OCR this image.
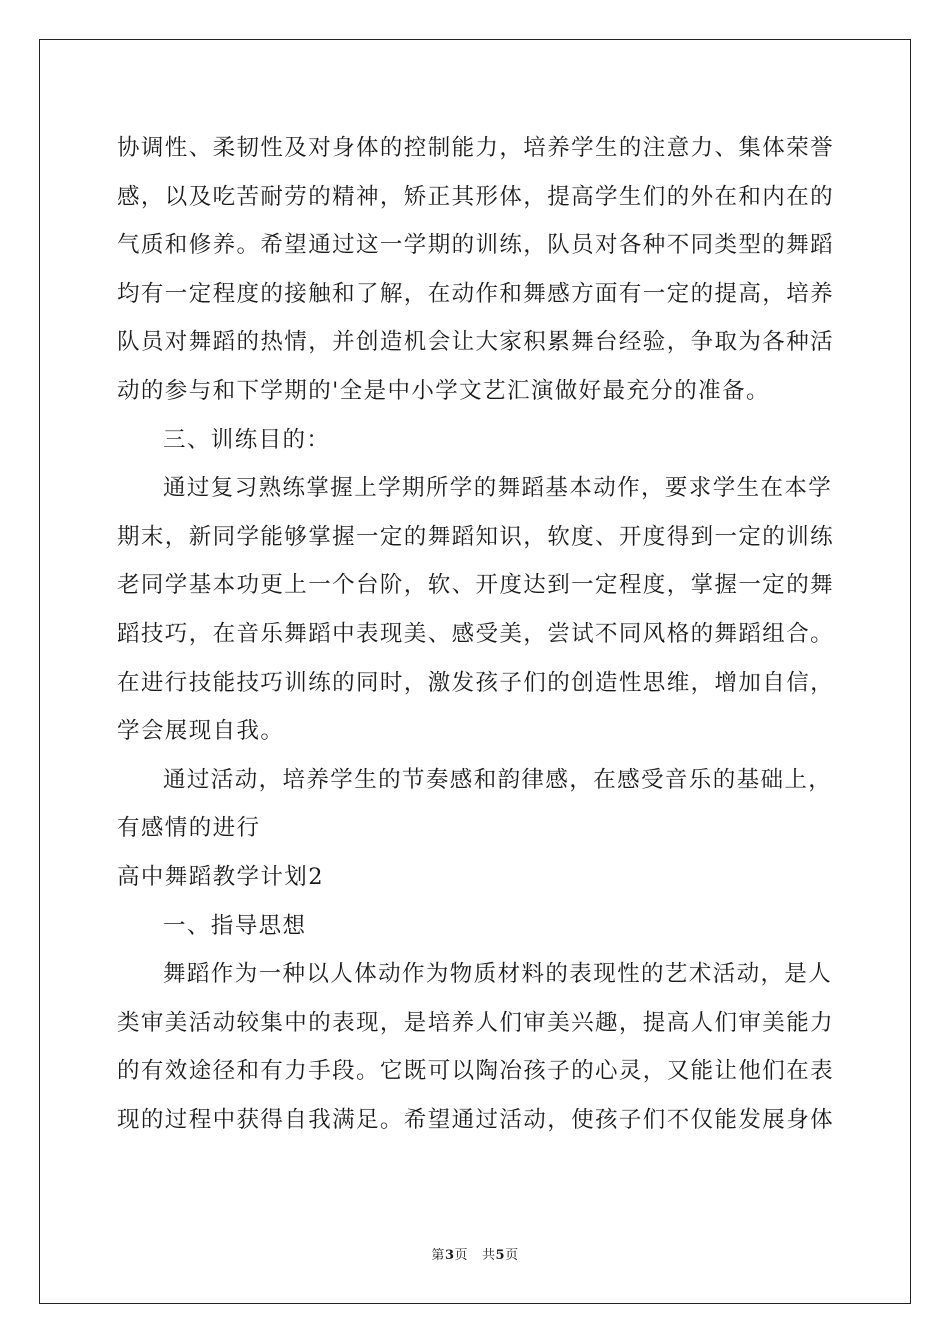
协调性、柔韧性及对身体的控制能力，培养学生的注意力、集体荣誉
感，以及吃苦耐劳的精神，矫正其形体，提高学生们的外在和内在的
气质和修养。希望通过这一学期的训练，队员对各种不同类型的舞蹈
均有一定程度的接触和了解，在动作和舞感方面有一定的提高，培养
队员对舞蹈的热情，并创造机会让大家积累舞台经验，争取为各种活
动的参与和下学期的'全是中小学文艺汇演做好最充分的准备。
三、训练目的：
通过复习熟练掌握上学期所学的舞蹈基本动作，要求学生在本学
期末，新同学能够掌握一定的舞蹈知识，软度、开度得到一定的训练
老同学基本功更上一个台阶，软、开度达到一定程度，掌握一定的舞
蹈技巧，在音乐舞蹈中表现美、感受美，尝试不同风格的舞蹈组合。
在进行技能技巧训练的同时，激发孩子们的创造性思维，增加自信，
学会展现自我。
通过活动，培养学生的节奏感和韵律感，在感受音乐的基础上，
有感情的进行
高中舞蹈教学计划2
一、指导思想
舞蹈作为一种以人体动作为物质材料的表现性的艺术活动，是人
类审美活动较集中的表现，是培养人们审美兴趣，提高人们审美能力
的有效途径和有力手段。它既可以陶冶孩子的心灵，又能让他们在表
现的过程中获得自我满足。希望通过活动，使孩子们不仅能发展身体
第3页 共5页
